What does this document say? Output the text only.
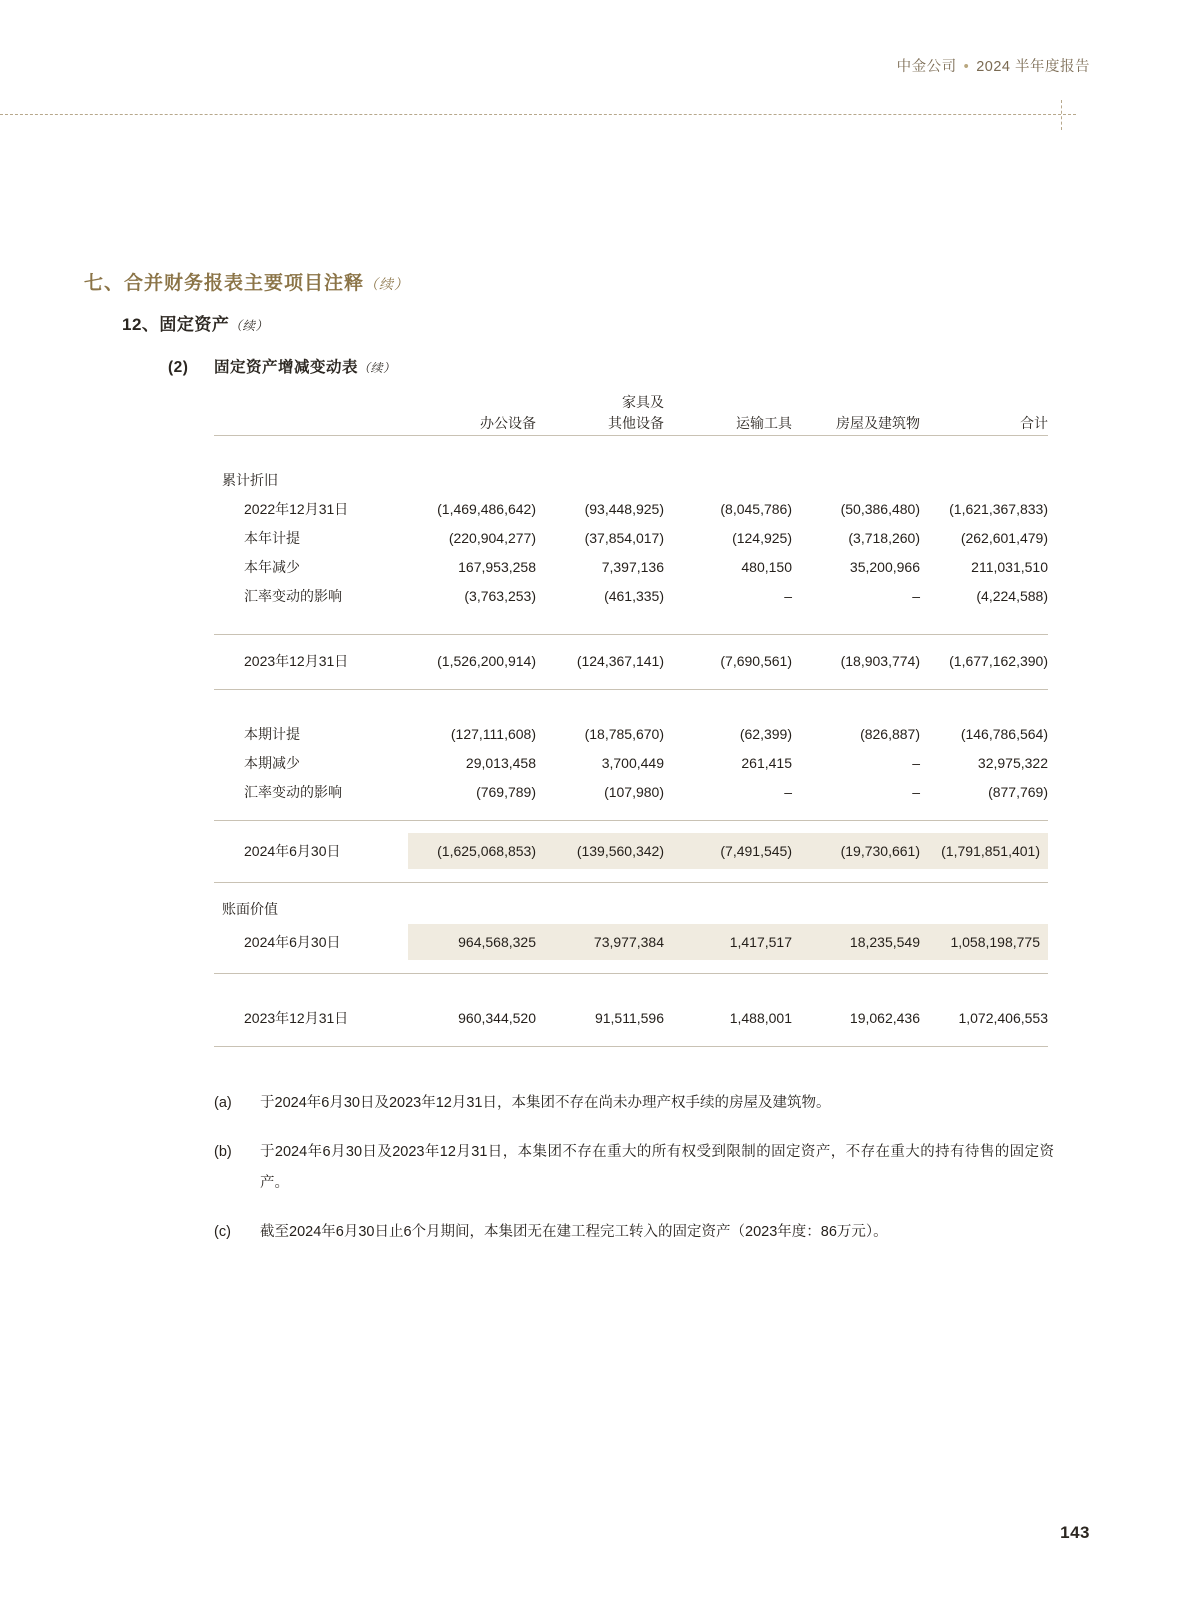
中金公司 • 2024 半年度报告
七、合并财务报表主要项目注释（续）
12、固定资产（续）
(2) 固定资产增减变动表（续）
		家具及			
	办公设备	其他设备	运输工具	房屋及建筑物	合计

累计折旧					
2022年12月31日	(1,469,486,642)	(93,448,925)	(8,045,786)	(50,386,480)	(1,621,367,833)
本年计提	(220,904,277)	(37,854,017)	(124,925)	(3,718,260)	(262,601,479)
本年减少	167,953,258	7,397,136	480,150	35,200,966	211,031,510
汇率变动的影响	(3,763,253)	(461,335)	–	–	(4,224,588)

2023年12月31日	(1,526,200,914)	(124,367,141)	(7,690,561)	(18,903,774)	(1,677,162,390)

本期计提	(127,111,608)	(18,785,670)	(62,399)	(826,887)	(146,786,564)
本期减少	29,013,458	3,700,449	261,415	–	32,975,322
汇率变动的影响	(769,789)	(107,980)	–	–	(877,769)

2024年6月30日	(1,625,068,853)	(139,560,342)	(7,491,545)	(19,730,661)	(1,791,851,401)

账面价值					
2024年6月30日	964,568,325	73,977,384	1,417,517	18,235,549	1,058,198,775

2023年12月31日	960,344,520	91,511,596	1,488,001	19,062,436	1,072,406,553

(a)	于2024年6月30日及2023年12月31日，本集团不存在尚未办理产权手续的房屋及建筑物。
(b)	于2024年6月30日及2023年12月31日，本集团不存在重大的所有权受到限制的固定资产，不存在重大的持有待售的固定资产。
(c)	截至2024年6月30日止6个月期间，本集团无在建工程完工转入的固定资产（2023年度：86万元）。
143
